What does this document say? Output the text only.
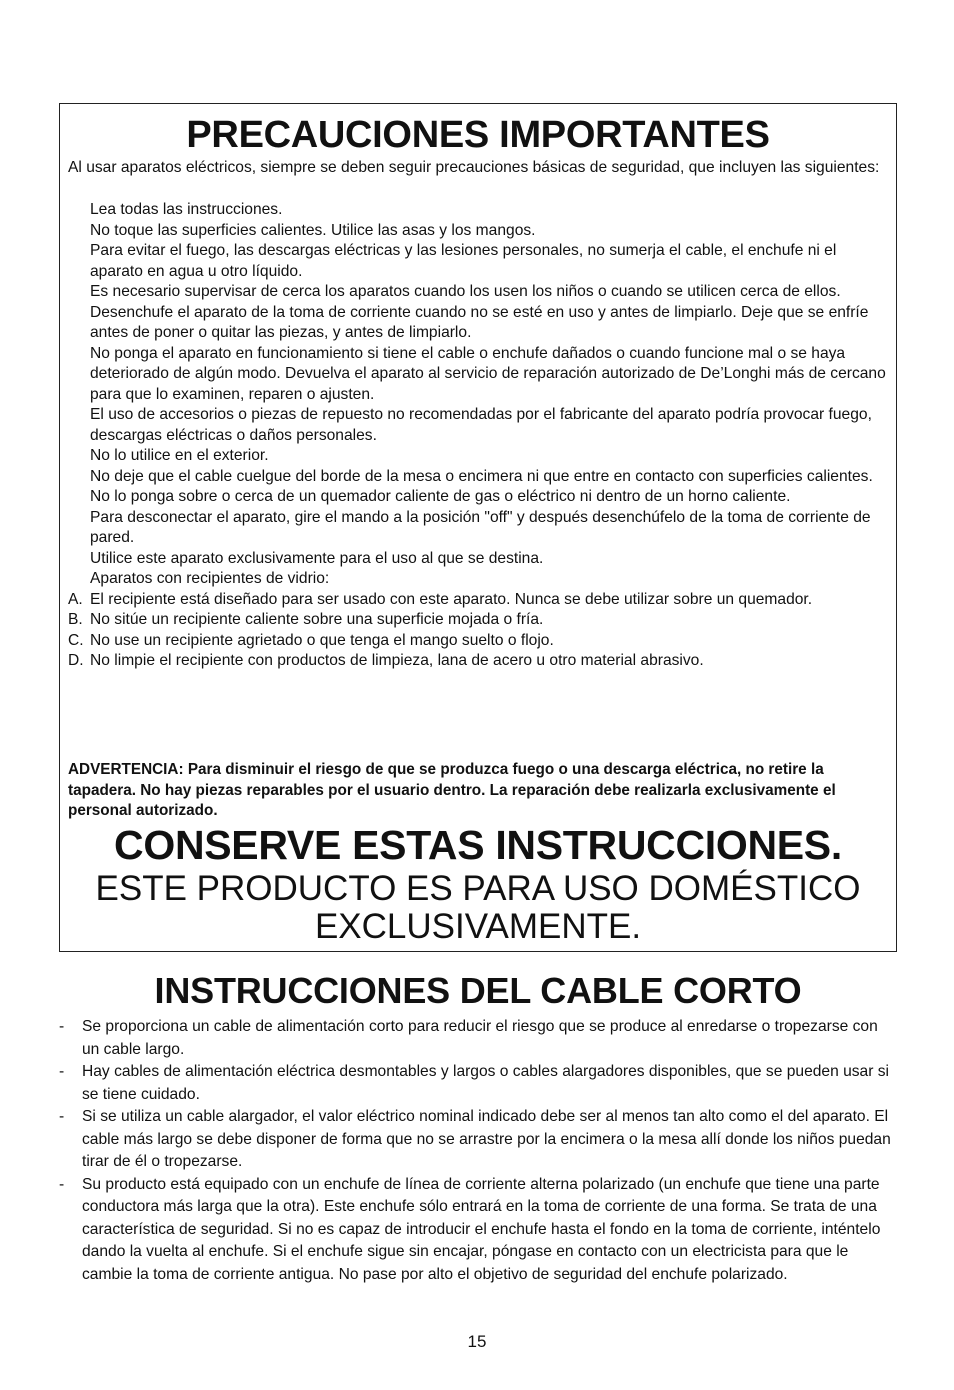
PRECAUCIONES IMPORTANTES

Al usar aparatos eléctricos, siempre se deben seguir precauciones básicas de seguridad, que incluyen las siguientes:

Lea todas las instrucciones.
No toque las superficies calientes. Utilice las asas y los mangos.
Para evitar el fuego, las descargas eléctricas y las lesiones personales, no sumerja el cable, el enchufe ni el aparato en agua u otro líquido.
Es necesario supervisar de cerca los aparatos cuando los usen los niños o cuando se utilicen cerca de ellos.
Desenchufe el aparato de la toma de corriente cuando no se esté en uso y antes de limpiarlo. Deje que se enfríe antes de poner o quitar las piezas, y antes de limpiarlo.
No ponga el aparato en funcionamiento si tiene el cable o enchufe dañados o cuando funcione mal o se haya deteriorado de algún modo. Devuelva el aparato al servicio de reparación autorizado de De’Longhi más de cercano para que lo examinen, reparen o ajusten.
El uso de accesorios o piezas de repuesto no recomendadas por el fabricante del aparato podría provocar fuego, descargas eléctricas o daños personales.
No lo utilice en el exterior.
No deje que el cable cuelgue del borde de la mesa o encimera ni que entre en contacto con superficies calientes.
No lo ponga sobre o cerca de un quemador caliente de gas o eléctrico ni dentro de un horno caliente.
Para desconectar el aparato, gire el mando a la posición "off" y después desenchúfelo de la toma de corriente de pared.
Utilice este aparato exclusivamente para el uso al que se destina.
Aparatos con recipientes de vidrio:
A. El recipiente está diseñado para ser usado con este aparato. Nunca se debe utilizar sobre un quemador.
B. No sitúe un recipiente caliente sobre una superficie mojada o fría.
C. No use un recipiente agrietado o que tenga el mango suelto o flojo.
D. No limpie el recipiente con productos de limpieza, lana de acero u otro material abrasivo.

ADVERTENCIA: Para disminuir el riesgo de que se produzca fuego o una descarga eléctrica, no retire la tapadera. No hay piezas reparables por el usuario dentro. La reparación debe realizarla exclusivamente el personal autorizado.

CONSERVE ESTAS INSTRUCCIONES.

ESTE PRODUCTO ES PARA USO DOMÉSTICO

EXCLUSIVAMENTE.

INSTRUCCIONES DEL CABLE CORTO
- Se proporciona un cable de alimentación corto para reducir el riesgo que se produce al enredarse o tropezarse con un cable largo.
- Hay cables de alimentación eléctrica desmontables y largos o cables alargadores disponibles, que se pueden usar si se tiene cuidado.
- Si se utiliza un cable alargador, el valor eléctrico nominal indicado debe ser al menos tan alto como el del aparato. El cable más largo se debe disponer de forma que no se arrastre por la encimera o la mesa allí donde los niños puedan tirar de él o tropezarse.
- Su producto está equipado con un enchufe de línea de corriente alterna polarizado (un enchufe que tiene una parte conductora más larga que la otra). Este enchufe sólo entrará en la toma de corriente de una forma. Se trata de una característica de seguridad. Si no es capaz de introducir el enchufe hasta el fondo en la toma de corriente, inténtelo dando la vuelta al enchufe. Si el enchufe sigue sin encajar, póngase en contacto con un electricista para que le cambie la toma de corriente antigua. No pase por alto el objetivo de seguridad del enchufe polarizado.

15
